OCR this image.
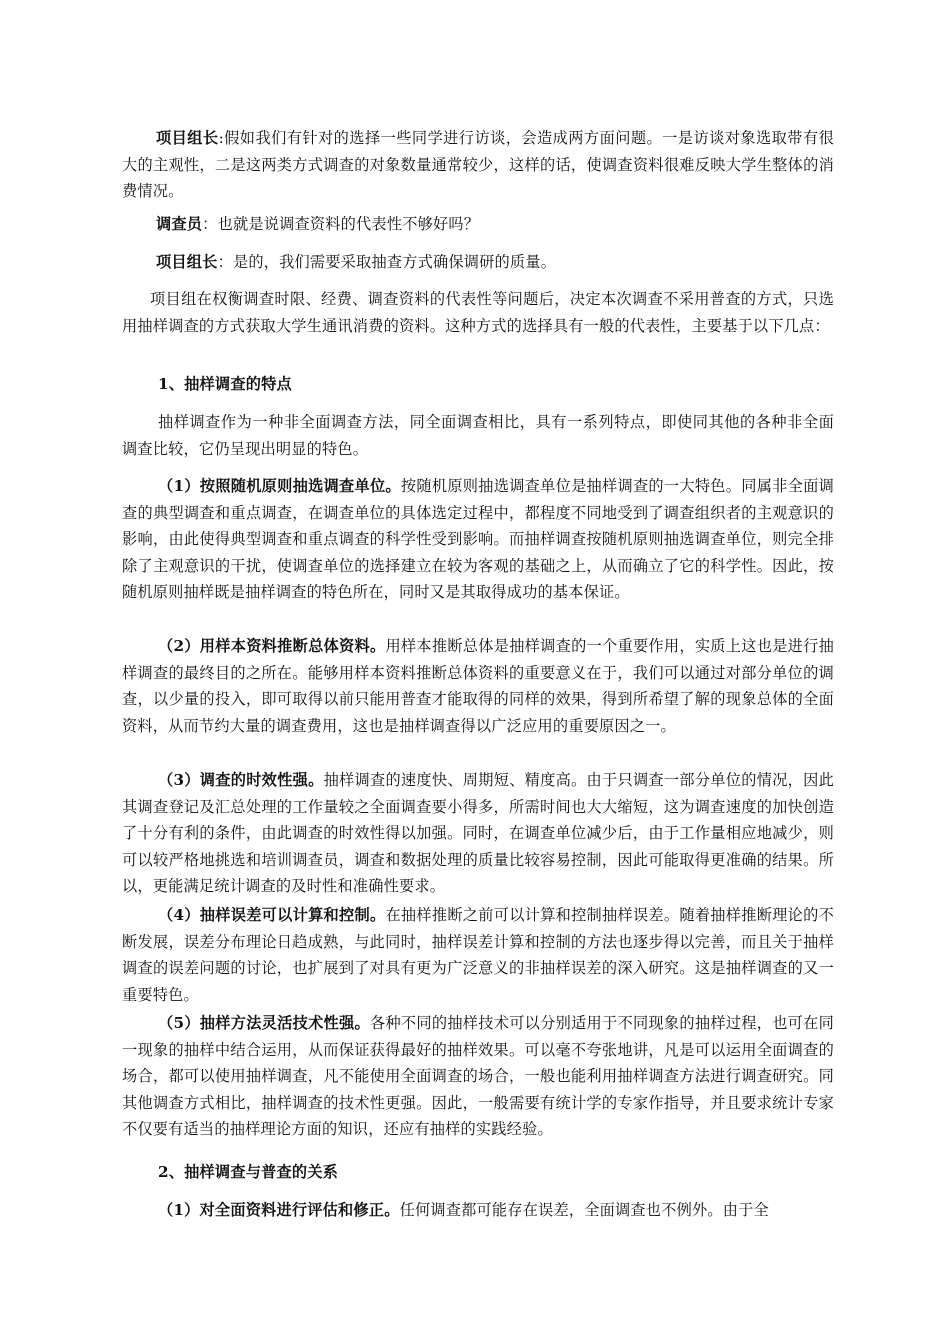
项目组长:假如我们有针对的选择一些同学进行访谈，会造成两方面问题。一是访谈对象选取带有很大的主观性，二是这两类方式调查的对象数量通常较少，这样的话，使调查资料很难反映大学生整体的消费情况。

调查员：也就是说调查资料的代表性不够好吗？

项目组长：是的，我们需要采取抽查方式确保调研的质量。

项目组在权衡调查时限、经费、调查资料的代表性等问题后，决定本次调查不采用普查的方式，只选用抽样调查的方式获取大学生通讯消费的资料。这种方式的选择具有一般的代表性，主要基于以下几点：

1、抽样调查的特点

抽样调查作为一种非全面调查方法，同全面调查相比，具有一系列特点，即使同其他的各种非全面调查比较，它仍呈现出明显的特色。

（1）按照随机原则抽选调查单位。按随机原则抽选调查单位是抽样调查的一大特色。同属非全面调查的典型调查和重点调查，在调查单位的具体选定过程中，都程度不同地受到了调查组织者的主观意识的影响，由此使得典型调查和重点调查的科学性受到影响。而抽样调查按随机原则抽选调查单位，则完全排除了主观意识的干扰，使调查单位的选择建立在较为客观的基础之上，从而确立了它的科学性。因此，按随机原则抽样既是抽样调查的特色所在，同时又是其取得成功的基本保证。

（2）用样本资料推断总体资料。用样本推断总体是抽样调查的一个重要作用，实质上这也是进行抽样调查的最终目的之所在。能够用样本资料推断总体资料的重要意义在于，我们可以通过对部分单位的调查，以少量的投入，即可取得以前只能用普查才能取得的同样的效果，得到所希望了解的现象总体的全面资料，从而节约大量的调查费用，这也是抽样调查得以广泛应用的重要原因之一。

（3）调查的时效性强。抽样调查的速度快、周期短、精度高。由于只调查一部分单位的情况，因此其调查登记及汇总处理的工作量较之全面调查要小得多，所需时间也大大缩短，这为调查速度的加快创造了十分有利的条件，由此调查的时效性得以加强。同时，在调查单位减少后，由于工作量相应地减少，则可以较严格地挑选和培训调查员，调查和数据处理的质量比较容易控制，因此可能取得更准确的结果。所以，更能满足统计调查的及时性和准确性要求。

（4）抽样误差可以计算和控制。在抽样推断之前可以计算和控制抽样误差。随着抽样推断理论的不断发展，误差分布理论日趋成熟，与此同时，抽样误差计算和控制的方法也逐步得以完善，而且关于抽样调查的误差问题的讨论，也扩展到了对具有更为广泛意义的非抽样误差的深入研究。这是抽样调查的又一重要特色。

（5）抽样方法灵活技术性强。各种不同的抽样技术可以分别适用于不同现象的抽样过程，也可在同一现象的抽样中结合运用，从而保证获得最好的抽样效果。可以毫不夸张地讲，凡是可以运用全面调查的场合，都可以使用抽样调查，凡不能使用全面调查的场合，一般也能利用抽样调查方法进行调查研究。同其他调查方式相比，抽样调查的技术性更强。因此，一般需要有统计学的专家作指导，并且要求统计专家不仅要有适当的抽样理论方面的知识，还应有抽样的实践经验。

2、抽样调查与普查的关系

（1）对全面资料进行评估和修正。任何调查都可能存在误差，全面调查也不例外。由于全
